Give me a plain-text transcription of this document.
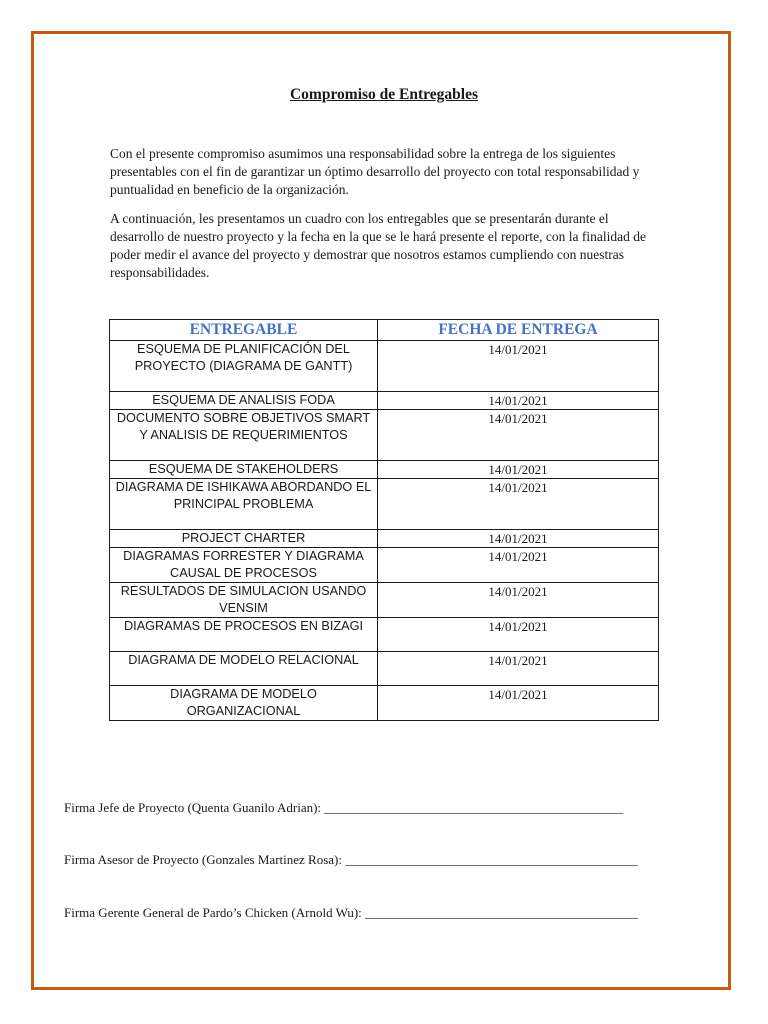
Compromiso de Entregables

Con el presente compromiso asumimos una responsabilidad sobre la entrega de los siguientes presentables con el fin de garantizar un óptimo desarrollo del proyecto con total responsabilidad y puntualidad en beneficio de la organización.

A continuación, les presentamos un cuadro con los entregables que se presentarán durante el desarrollo de nuestro proyecto y la fecha en la que se le hará presente el reporte, con la finalidad de poder medir el avance del proyecto y demostrar que nosotros estamos cumpliendo con nuestras responsabilidades.

ENTREGABLE	FECHA DE ENTREGA
ESQUEMA DE PLANIFICACIÓN DEL PROYECTO (DIAGRAMA DE GANTT)	14/01/2021
ESQUEMA DE ANALISIS FODA	14/01/2021
DOCUMENTO SOBRE OBJETIVOS SMART Y ANALISIS DE REQUERIMIENTOS	14/01/2021
ESQUEMA DE STAKEHOLDERS	14/01/2021
DIAGRAMA DE ISHIKAWA ABORDANDO EL PRINCIPAL PROBLEMA	14/01/2021
PROJECT CHARTER	14/01/2021
DIAGRAMAS FORRESTER Y DIAGRAMA CAUSAL DE PROCESOS	14/01/2021
RESULTADOS DE SIMULACION USANDO VENSIM	14/01/2021
DIAGRAMAS DE PROCESOS EN BIZAGI	14/01/2021
DIAGRAMA DE MODELO RELACIONAL	14/01/2021
DIAGRAMA DE MODELO ORGANIZACIONAL	14/01/2021

Firma Jefe de Proyecto (Quenta Guanilo Adrian): ______________________________________________

Firma Asesor de Proyecto (Gonzales Martinez Rosa): _____________________________________________

Firma Gerente General de Pardo’s Chicken (Arnold Wu): __________________________________________
